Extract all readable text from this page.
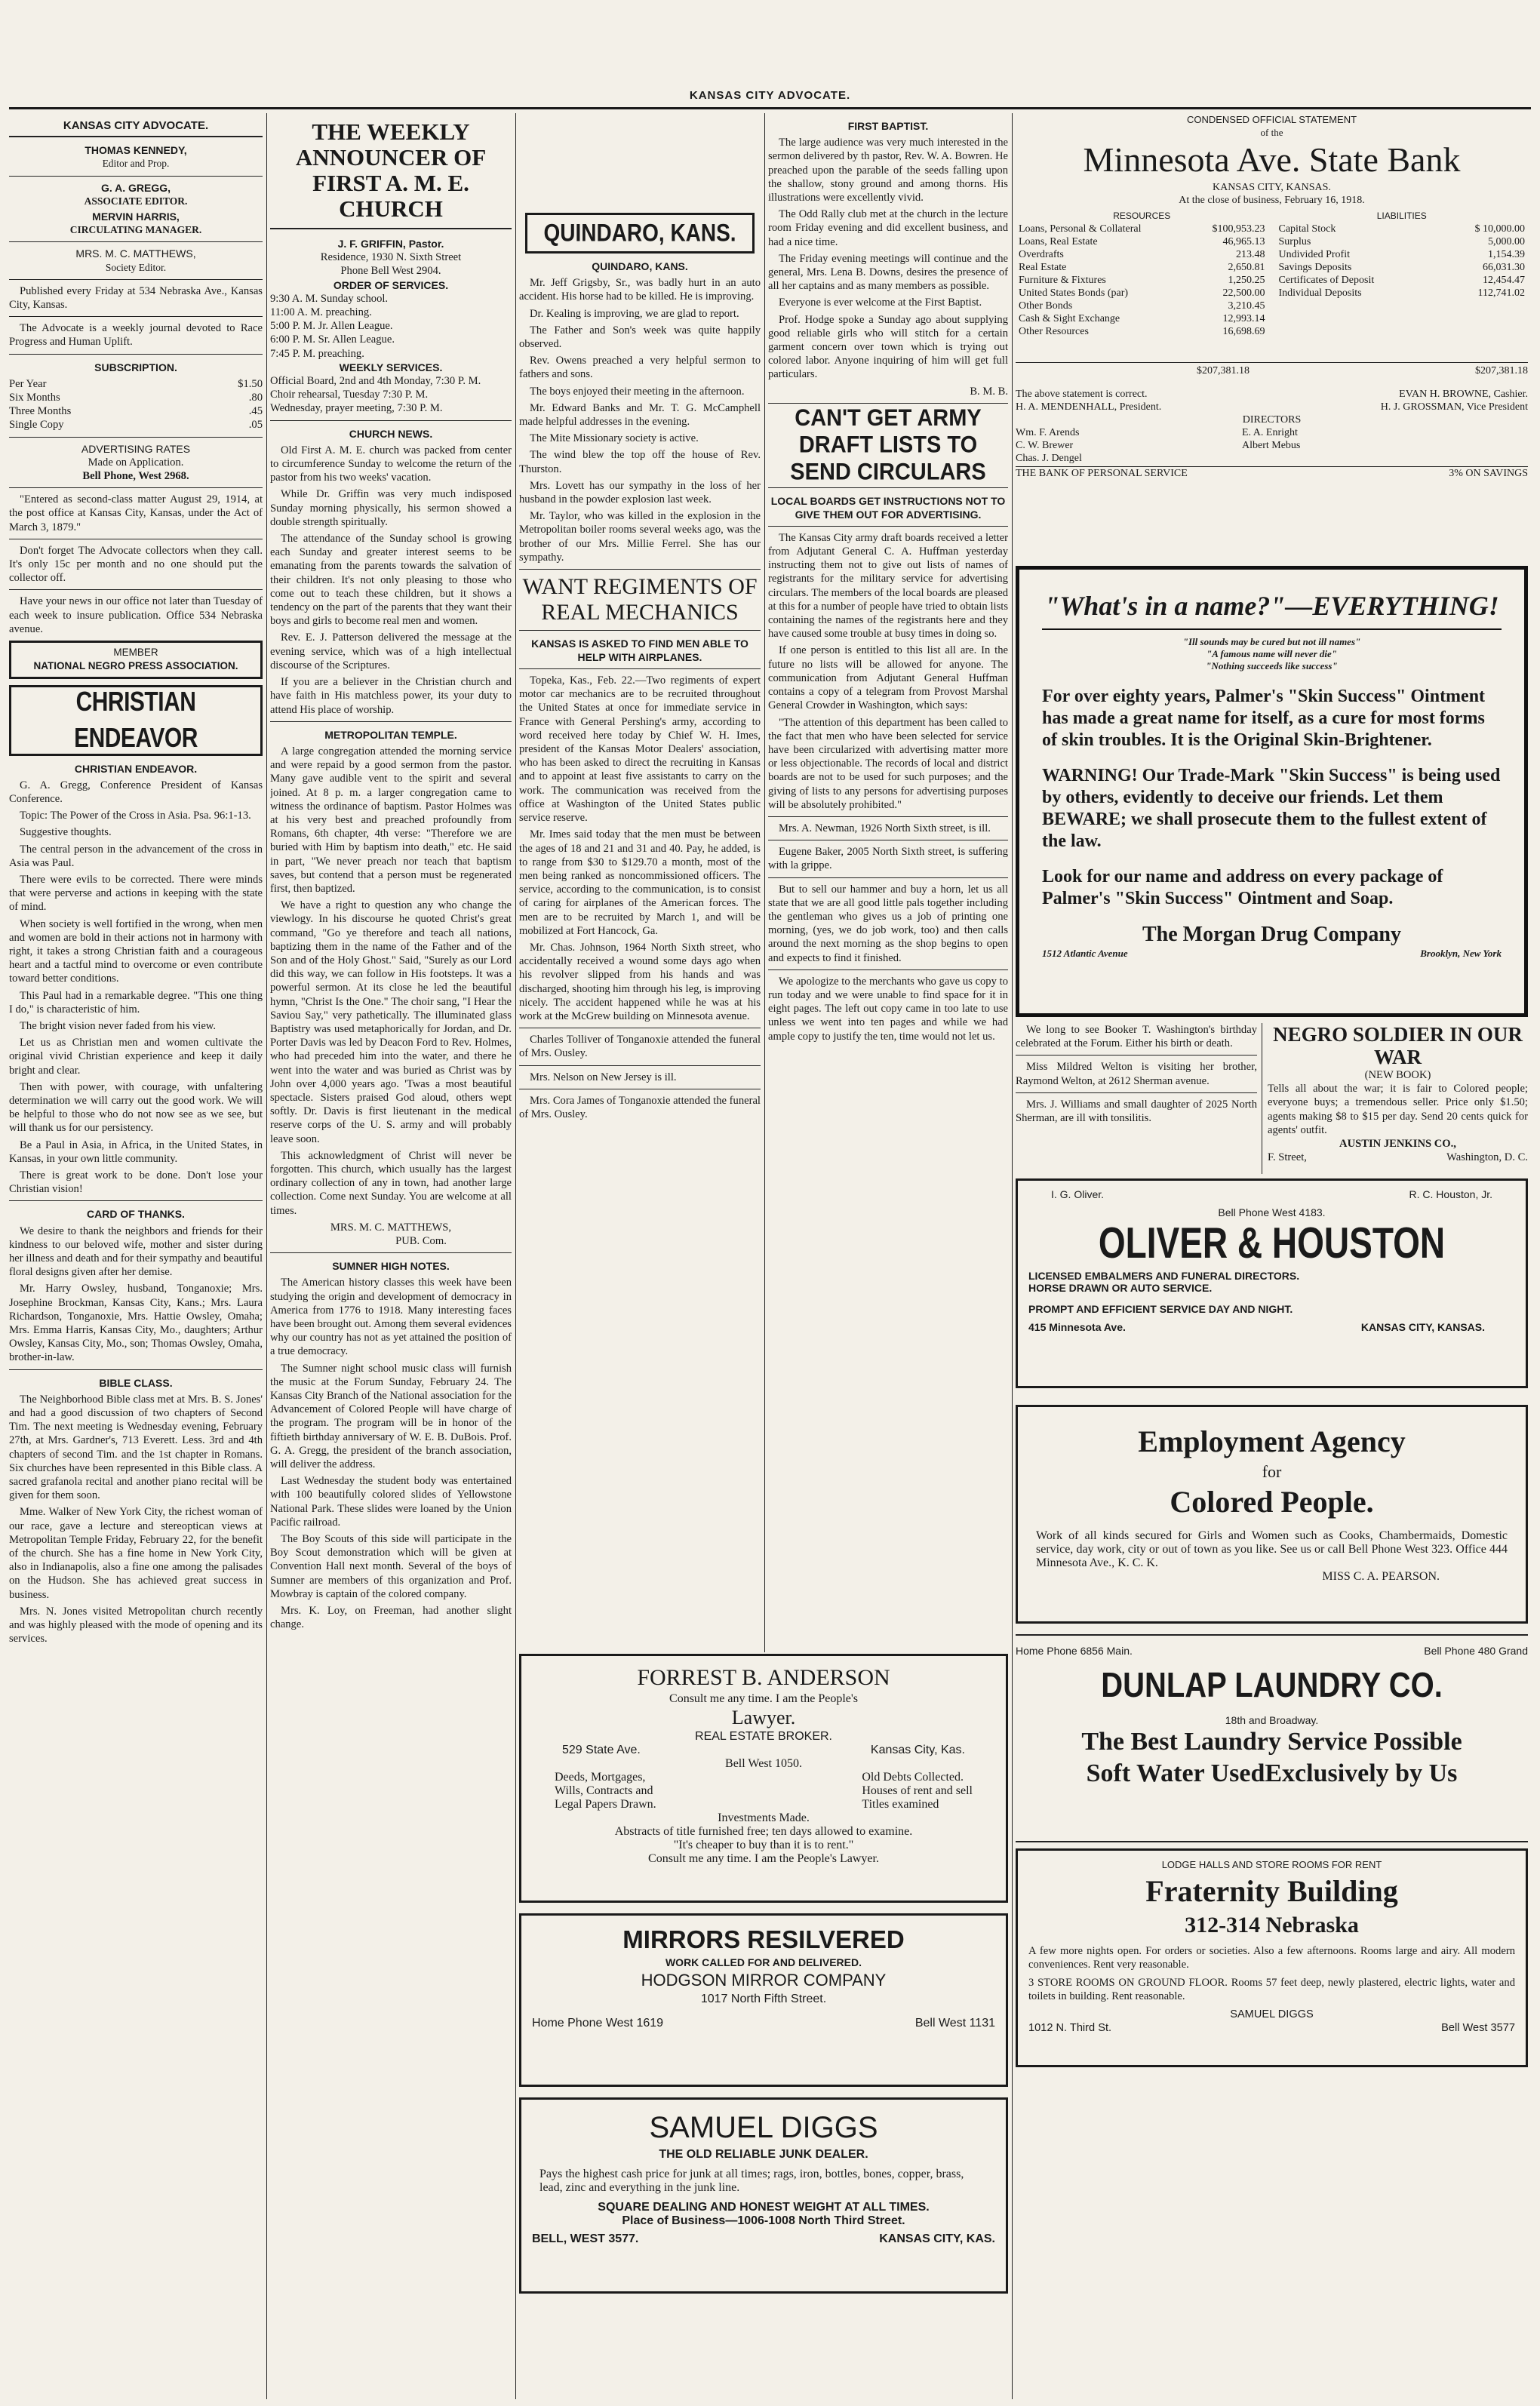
KANSAS CITY ADVOCATE.
KANSAS CITY ADVOCATE.
THOMAS KENNEDY,
Editor and Prop.
G. A. GREGG,
ASSOCIATE EDITOR.
MERVIN HARRIS,
CIRCULATING MANAGER.
MRS. M. C. MATTHEWS,
Society Editor.

Published every Friday at 534 Nebraska Ave., Kansas City, Kansas.

The Advocate is a weekly journal devoted to Race Progress and Human Uplift.

SUBSCRIPTION.
Per Year	$1.50
Six Months	.80
Three Months	.45
Single Copy	.05
ADVERTISING RATES
Made on Application.
Bell Phone, West 2968.

"Entered as second-class matter August 29, 1914, at the post office at Kansas City, Kansas, under the Act of March 3, 1879."

Don't forget The Advocate collectors when they call. It's only 15c per month and no one should put the collector off.

Have your news in our office not later than Tuesday of each week to insure publication. Office 534 Nebraska avenue.

MEMBER
NATIONAL NEGRO PRESS ASSOCIATION.
CHRISTIAN ENDEAVOR
CHRISTIAN ENDEAVOR.

G. A. Gregg, Conference President of Kansas Conference.

Topic: The Power of the Cross in Asia. Psa. 96:1-13.

Suggestive thoughts.

The central person in the advancement of the cross in Asia was Paul.

There were evils to be corrected. There were minds that were perverse and actions in keeping with the state of mind.

When society is well fortified in the wrong, when men and women are bold in their actions not in harmony with right, it takes a strong Christian faith and a courageous heart and a tactful mind to overcome or even contribute toward better conditions.

This Paul had in a remarkable degree. "This one thing I do," is characteristic of him.

The bright vision never faded from his view.

Let us as Christian men and women cultivate the original vivid Christian experience and keep it daily bright and clear.

Then with power, with courage, with unfaltering determination we will carry out the good work. We will be helpful to those who do not now see as we see, but will thank us for our persistency.

Be a Paul in Asia, in Africa, in the United States, in Kansas, in your own little community.

There is great work to be done. Don't lose your Christian vision!

CARD OF THANKS.

We desire to thank the neighbors and friends for their kindness to our beloved wife, mother and sister during her illness and death and for their sympathy and beautiful floral designs given after her demise.

Mr. Harry Owsley, husband, Tonganoxie; Mrs. Josephine Brockman, Kansas City, Kans.; Mrs. Laura Richardson, Tonganoxie, Mrs. Hattie Owsley, Omaha; Mrs. Emma Harris, Kansas City, Mo., daughters; Arthur Owsley, Kansas City, Mo., son; Thomas Owsley, Omaha, brother-in-law.

BIBLE CLASS.

The Neighborhood Bible class met at Mrs. B. S. Jones' and had a good discussion of two chapters of Second Tim. The next meeting is Wednesday evening, February 27th, at Mrs. Gardner's, 713 Everett. Less. 3rd and 4th chapters of second Tim. and the 1st chapter in Romans. Six churches have been represented in this Bible class. A sacred grafanola recital and another piano recital will be given for them soon.

Mme. Walker of New York City, the richest woman of our race, gave a lecture and stereoptican views at Metropolitan Temple Friday, February 22, for the benefit of the church. She has a fine home in New York City, also in Indianapolis, also a fine one among the palisades on the Hudson. She has achieved great success in business.

Mrs. N. Jones visited Metropolitan church recently and was highly pleased with the mode of opening and its services.

THE WEEKLY ANNOUNCER OF FIRST A. M. E. CHURCH
J. F. GRIFFIN, Pastor.
Residence, 1930 N. Sixth Street
Phone Bell West 2904.
ORDER OF SERVICES.
9:30 A. M. Sunday school.
11:00 A. M. preaching.
5:00 P. M. Jr. Allen League.
6:00 P. M. Sr. Allen League.
7:45 P. M. preaching.
WEEKLY SERVICES.
Official Board, 2nd and 4th Monday, 7:30 P. M.
Choir rehearsal, Tuesday 7:30 P. M.
Wednesday, prayer meeting, 7:30 P. M.
CHURCH NEWS.

Old First A. M. E. church was packed from center to circumference Sunday to welcome the return of the pastor from his two weeks' vacation.

While Dr. Griffin was very much indisposed Sunday morning physically, his sermon showed a double strength spiritually.

The attendance of the Sunday school is growing each Sunday and greater interest seems to be emanating from the parents towards the salvation of their children. It's not only pleasing to those who come out to teach these children, but it shows a tendency on the part of the parents that they want their boys and girls to become real men and women.

Rev. E. J. Patterson delivered the message at the evening service, which was of a high intellectual discourse of the Scriptures.

If you are a believer in the Christian church and have faith in His matchless power, its your duty to attend His place of worship.

METROPOLITAN TEMPLE.

A large congregation attended the morning service and were repaid by a good sermon from the pastor. Many gave audible vent to the spirit and several joined. At 8 p. m. a larger congregation came to witness the ordinance of baptism. Pastor Holmes was at his very best and preached profoundly from Romans, 6th chapter, 4th verse: "Therefore we are buried with Him by baptism into death," etc. He said in part, "We never preach nor teach that baptism saves, but contend that a person must be regenerated first, then baptized.

We have a right to question any who change the viewlogy. In his discourse he quoted Christ's great command, "Go ye therefore and teach all nations, baptizing them in the name of the Father and of the Son and of the Holy Ghost." Said, "Surely as our Lord did this way, we can follow in His footsteps. It was a powerful sermon. At its close he led the beautiful hymn, "Christ Is the One." The choir sang, "I Hear the Saviou Say," very pathetically. The illuminated glass Baptistry was used metaphorically for Jordan, and Dr. Porter Davis was led by Deacon Ford to Rev. Holmes, who had preceded him into the water, and there he went into the water and was buried as Christ was by John over 4,000 years ago. 'Twas a most beautiful spectacle. Sisters praised God aloud, others wept softly. Dr. Davis is first lieutenant in the medical reserve corps of the U. S. army and will probably leave soon.

This acknowledgment of Christ will never be forgotten. This church, which usually has the largest ordinary collection of any in town, had another large collection. Come next Sunday. You are welcome at all times.

MRS. M. C. MATTHEWS,
PUB. Com.
SUMNER HIGH NOTES.

The American history classes this week have been studying the origin and development of democracy in America from 1776 to 1918. Many interesting faces have been brought out. Among them several evidences why our country has not as yet attained the position of a true democracy.

The Sumner night school music class will furnish the music at the Forum Sunday, February 24. The Kansas City Branch of the National association for the Advancement of Colored People will have charge of the program. The program will be in honor of the fiftieth birthday anniversary of W. E. B. DuBois. Prof. G. A. Gregg, the president of the branch association, will deliver the address.

Last Wednesday the student body was entertained with 100 beautifully colored slides of Yellowstone National Park. These slides were loaned by the Union Pacific railroad.

The Boy Scouts of this side will participate in the Boy Scout demonstration which will be given at Convention Hall next month. Several of the boys of Sumner are members of this organization and Prof. Mowbray is captain of the colored company.

Mrs. K. Loy, on Freeman, had another slight change.

QUINDARO, KANS.
QUINDARO, KANS.

Mr. Jeff Grigsby, Sr., was badly hurt in an auto accident. His horse had to be killed. He is improving.

Dr. Kealing is improving, we are glad to report.

The Father and Son's week was quite happily observed.

Rev. Owens preached a very helpful sermon to fathers and sons.

The boys enjoyed their meeting in the afternoon.

Mr. Edward Banks and Mr. T. G. McCamphell made helpful addresses in the evening.

The Mite Missionary society is active.

The wind blew the top off the house of Rev. Thurston.

Mrs. Lovett has our sympathy in the loss of her husband in the powder explosion last week.

Mr. Taylor, who was killed in the explosion in the Metropolitan boiler rooms several weeks ago, was the brother of our Mrs. Millie Ferrel. She has our sympathy.

WANT REGIMENTS OF REAL MECHANICS
KANSAS IS ASKED TO FIND MEN ABLE TO HELP WITH AIRPLANES.

Topeka, Kas., Feb. 22.—Two regiments of expert motor car mechanics are to be recruited throughout the United States at once for immediate service in France with General Pershing's army, according to word received here today by Chief W. H. Imes, president of the Kansas Motor Dealers' association, who has been asked to direct the recruiting in Kansas and to appoint at least five assistants to carry on the work. The communication was received from the office at Washington of the United States public service reserve.

Mr. Imes said today that the men must be between the ages of 18 and 21 and 31 and 40. Pay, he added, is to range from $30 to $129.70 a month, most of the men being ranked as noncommissioned officers. The service, according to the communication, is to consist of caring for airplanes of the American forces. The men are to be recruited by March 1, and will be mobilized at Fort Hancock, Ga.

Mr. Chas. Johnson, 1964 North Sixth street, who accidentally received a wound some days ago when his revolver slipped from his hands and was discharged, shooting him through his leg, is improving nicely. The accident happened while he was at his work at the McGrew building on Minnesota avenue.

Charles Tolliver of Tonganoxie attended the funeral of Mrs. Ousley.

Mrs. Nelson on New Jersey is ill.

Mrs. Cora James of Tonganoxie attended the funeral of Mrs. Ousley.

FIRST BAPTIST.

The large audience was very much interested in the sermon delivered by th pastor, Rev. W. A. Bowren. He preached upon the parable of the seeds falling upon the shallow, stony ground and among thorns. His illustrations were excellently vivid.

The Odd Rally club met at the church in the lecture room Friday evening and did excellent business, and had a nice time.

The Friday evening meetings will continue and the general, Mrs. Lena B. Downs, desires the presence of all her captains and as many members as possible.

Everyone is ever welcome at the First Baptist.

Prof. Hodge spoke a Sunday ago about supplying good reliable girls who will stitch for a certain garment concern over town which is trying out colored labor. Anyone inquiring of him will get full particulars.

B. M. B.
CAN'T GET ARMY DRAFT LISTS TO SEND CIRCULARS
LOCAL BOARDS GET INSTRUCTIONS NOT TO GIVE THEM OUT FOR ADVERTISING.

The Kansas City army draft boards received a letter from Adjutant General C. A. Huffman yesterday instructing them not to give out lists of names of registrants for the military service for advertising circulars. The members of the local boards are pleased at this for a number of people have tried to obtain lists containing the names of the registrants here and they have caused some trouble at busy times in doing so.

If one person is entitled to this list all are. In the future no lists will be allowed for anyone. The communication from Adjutant General Huffman contains a copy of a telegram from Provost Marshal General Crowder in Washington, which says:

"The attention of this department has been called to the fact that men who have been selected for service have been circularized with advertising matter more or less objectionable. The records of local and district boards are not to be used for such purposes; and the giving of lists to any persons for advertising purposes will be absolutely prohibited."

Mrs. A. Newman, 1926 North Sixth street, is ill.

Eugene Baker, 2005 North Sixth street, is suffering with la grippe.

But to sell our hammer and buy a horn, let us all state that we are all good little pals together including the gentleman who gives us a job of printing one morning, (yes, we do job work, too) and then calls around the next morning as the shop begins to open and expects to find it finished.

We apologize to the merchants who gave us copy to run today and we were unable to find space for it in eight pages. The left out copy came in too late to use unless we went into ten pages and while we had ample copy to justify the ten, time would not let us.

FORREST B. ANDERSON
Consult me any time. I am the People's
Lawyer.
REAL ESTATE BROKER.
529 State Ave.	Kansas City, Kas.
Bell West 1050.
Deeds, Mortgages,
Wills, Contracts and
Legal Papers Drawn.
Old Debts Collected.
Houses of rent and sell
Titles examined
Investments Made.
Abstracts of title furnished free; ten days allowed to examine.
"It's cheaper to buy than it is to rent."
Consult me any time. I am the People's Lawyer.
MIRRORS RESILVERED
WORK CALLED FOR AND DELIVERED.
HODGSON MIRROR COMPANY
1017 North Fifth Street.
Home Phone West 1619	Bell West 1131
SAMUEL DIGGS
THE OLD RELIABLE JUNK DEALER.

Pays the highest cash price for junk at all times; rags, iron, bottles, bones, copper, brass, lead, zinc and everything in the junk line.

SQUARE DEALING AND HONEST WEIGHT AT ALL TIMES.
Place of Business—1006-1008 North Third Street.
BELL, WEST 3577.	KANSAS CITY, KAS.
CONDENSED OFFICIAL STATEMENT
of the
Minnesota Ave. State Bank
KANSAS CITY, KANSAS.
At the close of business, February 16, 1918.
RESOURCES
Loans, Personal & Collateral	$100,953.23
Loans, Real Estate	46,965.13
Overdrafts	213.48
Real Estate	2,650.81
Furniture & Fixtures	1,250.25
United States Bonds (par)	22,500.00
Other Bonds	3,210.45
Cash & Sight Exchange	12,993.14
Other Resources	16,698.69
LIABILITIES
Capital Stock	$ 10,000.00
Surplus	5,000.00
Undivided Profit	1,154.39
Savings Deposits	66,031.30
Certificates of Deposit	12,454.47
Individual Deposits	112,741.02
$207,381.18	$207,381.18
The above statement is correct.	EVAN H. BROWNE, Cashier.
H. A. MENDENHALL, President.	H. J. GROSSMAN, Vice President
DIRECTORS
Wm. F. Arends
C. W. Brewer
Chas. J. Dengel
E. A. Enright
Albert Mebus
THE BANK OF PERSONAL SERVICE	3% ON SAVINGS
"What's in a name?"—EVERYTHING!
"Ill sounds may be cured but not ill names"
"A famous name will never die"
"Nothing succeeds like success"
For over eighty years, Palmer's "Skin Success" Ointment has made a great name for itself, as a cure for most forms of skin troubles. It is the Original Skin-Brightener.
WARNING! Our Trade-Mark "Skin Success" is being used by others, evidently to deceive our friends. Let them BEWARE; we shall prosecute them to the fullest extent of the law.
Look for our name and address on every package of Palmer's "Skin Success" Ointment and Soap.
The Morgan Drug Company
1512 Atlantic Avenue	Brooklyn, New York

We long to see Booker T. Washington's birthday celebrated at the Forum. Either his birth or death.

Miss Mildred Welton is visiting her brother, Raymond Welton, at 2612 Sherman avenue.

Mrs. J. Williams and small daughter of 2025 North Sherman, are ill with tonsilitis.

NEGRO SOLDIER IN OUR WAR
(NEW BOOK)

Tells all about the war; it is fair to Colored people; everyone buys; a tremendous seller. Price only $1.50; agents making $8 to $15 per day. Send 20 cents quick for agents' outfit.

AUSTIN JENKINS CO.,
F. Street,	Washington, D. C.
I. G. Oliver.	R. C. Houston, Jr.
Bell Phone West 4183.
OLIVER & HOUSTON
LICENSED EMBALMERS AND FUNERAL DIRECTORS.
HORSE DRAWN OR AUTO SERVICE.
PROMPT AND EFFICIENT SERVICE DAY AND NIGHT.
415 Minnesota Ave.	KANSAS CITY, KANSAS.
Employment Agency
for
Colored People.

Work of all kinds secured for Girls and Women such as Cooks, Chambermaids, Domestic service, day work, city or out of town as you like. See us or call Bell Phone West 323. Office 444 Minnesota Ave., K. C. K.

MISS C. A. PEARSON.
Home Phone 6856 Main.	Bell Phone 480 Grand
DUNLAP LAUNDRY CO.
18th and Broadway.
The Best Laundry Service Possible
Soft Water UsedExclusively by Us
LODGE HALLS AND STORE ROOMS FOR RENT
Fraternity Building
312-314 Nebraska

A few more nights open. For orders or societies. Also a few afternoons. Rooms large and airy. All modern conveniences. Rent very reasonable.

3 STORE ROOMS ON GROUND FLOOR. Rooms 57 feet deep, newly plastered, electric lights, water and toilets in building. Rent reasonable.

SAMUEL DIGGS
1012 N. Third St.	Bell West 3577
